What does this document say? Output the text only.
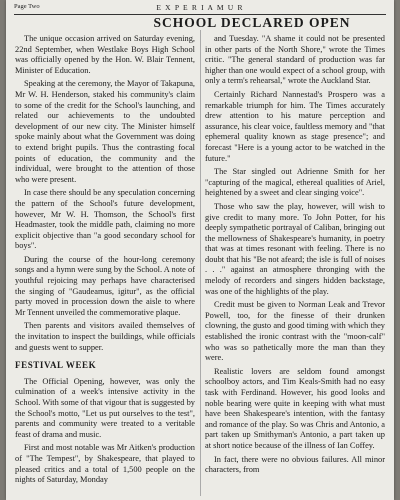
Page Two	E X P E R I A M U R
SCHOOL DECLARED OPEN

The unique occasion arrived on Saturday evening, 22nd September, when Westlake Boys High School was officially opened by the Hon. W. Blair Tennent, Minister of Education.

Speaking at the ceremony, the Mayor of Takapuna, Mr W. H. Henderson, staked his community's claim to some of the credit for the School's launching, and related our achievements to the undoubted development of our new city. The Minister himself spoke mainly about what the Government was doing to extend bright pupils. Thus the contrasting focal points of education, the community and the individual, were brought to the attention of those who were present.

In case there should be any speculation concerning the pattern of the School's future development, however, Mr W. H. Thomson, the School's first Headmaster, took the middle path, claiming no more explicit objective than "a good secondary school for boys".

During the course of the hour-long ceremony songs and a hymn were sung by the School. A note of youthful rejoicing may perhaps have characterised the singing of "Gaudeamus, igitur", as the official party moved in procession down the aisle to where Mr Tennent unveiled the commemorative plaque.

Then parents and visitors availed themselves of the invitation to inspect the buildings, while officials and guests went to supper.

FESTIVAL WEEK

The Official Opening, however, was only the culmination of a week's intensive activity in the School. With some of that vigour that is suggested by the School's motto, "Let us put ourselves to the test", parents and community were treated to a veritable feast of drama and music.

First and most notable was Mr Aitken's production of "The Tempest", by Shakespeare, that played to pleased critics and a total of 1,500 people on the nights of Saturday, Monday

and Tuesday. "A shame it could not be presented in other parts of the North Shore," wrote the Times critic. "The general standard of production was far higher than one would expect of a school group, with only a term's rehearsal," wrote the Auckland Star.

Certainly Richard Nannestad's Prospero was a remarkable triumph for him. The Times accurately drew attention to his mature perception and assurance, his clear voice, faultless memory and "that ephemeral quality known as stage presence"; and forecast "Here is a young actor to be watched in the future."

The Star singled out Adrienne Smith for her "capturing of the magical, ethereal qualities of Ariel, heightened by a sweet and clear singing voice".

Those who saw the play, however, will wish to give credit to many more. To John Potter, for his deeply sympathetic portrayal of Caliban, bringing out the mellowness of Shakespeare's humanity, in poetry that was at times resonant with feeling. There is no doubt that his "Be not afeard; the isle is full of noises . . ." against an atmosphere thronging with the melody of recorders and singers hidden backstage, was one of the highlights of the play.

Credit must be given to Norman Leak and Trevor Powell, too, for the finesse of their drunken clowning, the gusto and good timing with which they established the ironic contrast with the "moon-calf" who was so pathetically more the man than they were.

Realistic lovers are seldom found amongst schoolboy actors, and Tim Keals-Smith had no easy task with Ferdinand. However, his good looks and noble bearing were quite in keeping with what must have been Shakespeare's intention, with the fantasy and romance of the play. So was Chris and Antonio, a part taken up Smithyman's Antonio, a part taken up at short notice because of the illness of Ian Coffey.

In fact, there were no obvious failures. All minor characters, from
